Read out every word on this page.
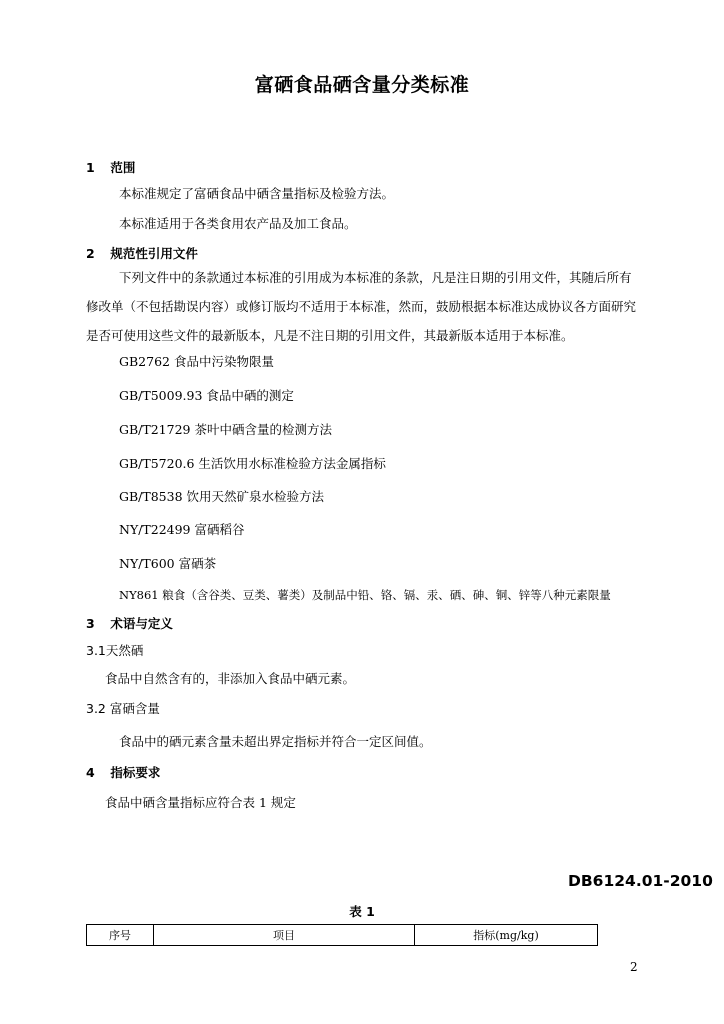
富硒食品硒含量分类标准
1 范围
本标准规定了富硒食品中硒含量指标及检验方法。
本标准适用于各类食用农产品及加工食品。
2 规范性引用文件
下列文件中的条款通过本标准的引用成为本标准的条款，凡是注日期的引用文件，其随后所有修改单（不包括勘误内容）或修订版均不适用于本标准，然而，鼓励根据本标准达成协议各方面研究是否可使用这些文件的最新版本，凡是不注日期的引用文件，其最新版本适用于本标准。
GB2762 食品中污染物限量
GB/T5009.93 食品中硒的测定
GB/T21729 茶叶中硒含量的检测方法
GB/T5720.6 生活饮用水标准检验方法金属指标
GB/T8538 饮用天然矿泉水检验方法
NY/T22499 富硒稻谷
NY/T600 富硒茶
NY861 粮食（含谷类、豆类、薯类）及制品中铅、铬、镉、汞、硒、砷、铜、锌等八种元素限量
3 术语与定义
3.1天然硒
食品中自然含有的，非添加入食品中硒元素。
3.2 富硒含量
食品中的硒元素含量未超出界定指标并符合一定区间值。
4 指标要求
食品中硒含量指标应符合表 1 规定
DB6124.01-2010
表 1
序号	项目	指标(mg/kg)
2
